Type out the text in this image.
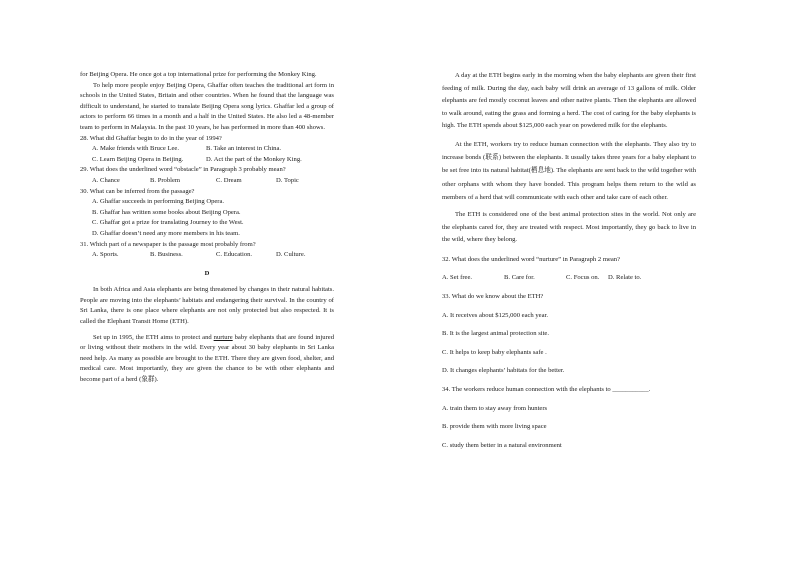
for Beijing Opera. He once got a top international prize for performing the Monkey King.

To help more people enjoy Beijing Opera, Ghaffar often teaches the traditional art form in schools in the United States, Britain and other countries. When he found that the language was difficult to understand, he started to translate Beijing Opera song lyrics. Ghaffar led a group of actors to perform 66 times in a month and a half in the United States. He also led a 48-member team to perform in Malaysia. In the past 10 years, he has performed in more than 400 shows.

28. What did Ghaffar begin to do in the year of 1994?

A. Make friends with Bruce Lee.	B. Take an interest in China.
C. Learn Beijing Opera in Beijing.	D. Act the part of the Monkey King.

29. What does the underlined word “obstacle” in Paragraph 3 probably mean?

A. Chance	B. Problem	C. Dream	D. Topic

30. What can be inferred from the passage?

A. Ghaffar succeeds in performing Beijing Opera.
B. Ghaffar has written some books about Beijing Opera.
C. Ghaffar got a prize for translating Journey to the West.
D. Ghaffar doesn’t need any more members in his team.

31. Which part of a newspaper is the passage most probably from?

A. Sports.	B. Business.	C. Education.	D. Culture.

D

In both Africa and Asia elephants are being threatened by changes in their natural habitats. People are moving into the elephants’ habitats and endangering their survival. In the country of Sri Lanka, there is one place where elephants are not only protected but also respected. It is called the Elephant Transit Home (ETH).

Set up in 1995, the ETH aims to protect and nurture baby elephants that are found injured or living without their mothers in the wild. Every year about 30 baby elephants in Sri Lanka need help. As many as possible are brought to the ETH. There they are given food, shelter, and medical care. Most importantly, they are given the chance to be with other elephants and become part of a herd (象群).

A day at the ETH begins early in the morning when the baby elephants are given their first feeding of milk. During the day, each baby will drink an average of 13 gallons of milk. Older elephants are fed mostly coconut leaves and other native plants. Then the elephants are allowed to walk around, eating the grass and forming a herd. The cost of caring for the baby elephants is high. The ETH spends about $125,000 each year on powdered milk for the elephants.

At the ETH, workers try to reduce human connection with the elephants. They also try to increase bonds (联系) between the elephants. It usually takes three years for a baby elephant to be set free into its natural habitat(栖息地). The elephants are sent back to the wild together with other orphans with whom they have bonded. This program helps them return to the wild as members of a herd that will communicate with each other and take care of each other.

The ETH is considered one of the best animal protection sites in the world. Not only are the elephants cared for, they are treated with respect. Most importantly, they go back to live in the wild, where they belong.

32. What does the underlined word “nurture” in Paragraph 2 mean?

A. Set free.	B. Care for.	C. Focus on. D. Relate to.

33. What do we know about the ETH?

A. It receives about $125,000 each year.

B. It is the largest animal protection site.

C. It helps to keep baby elephants safe .

D. It changes elephants’ habitats for the better.

34. The workers reduce human connection with the elephants to ___________.

A. train them to stay away from hunters

B. provide them with more living space

C. study them better in a natural environment
